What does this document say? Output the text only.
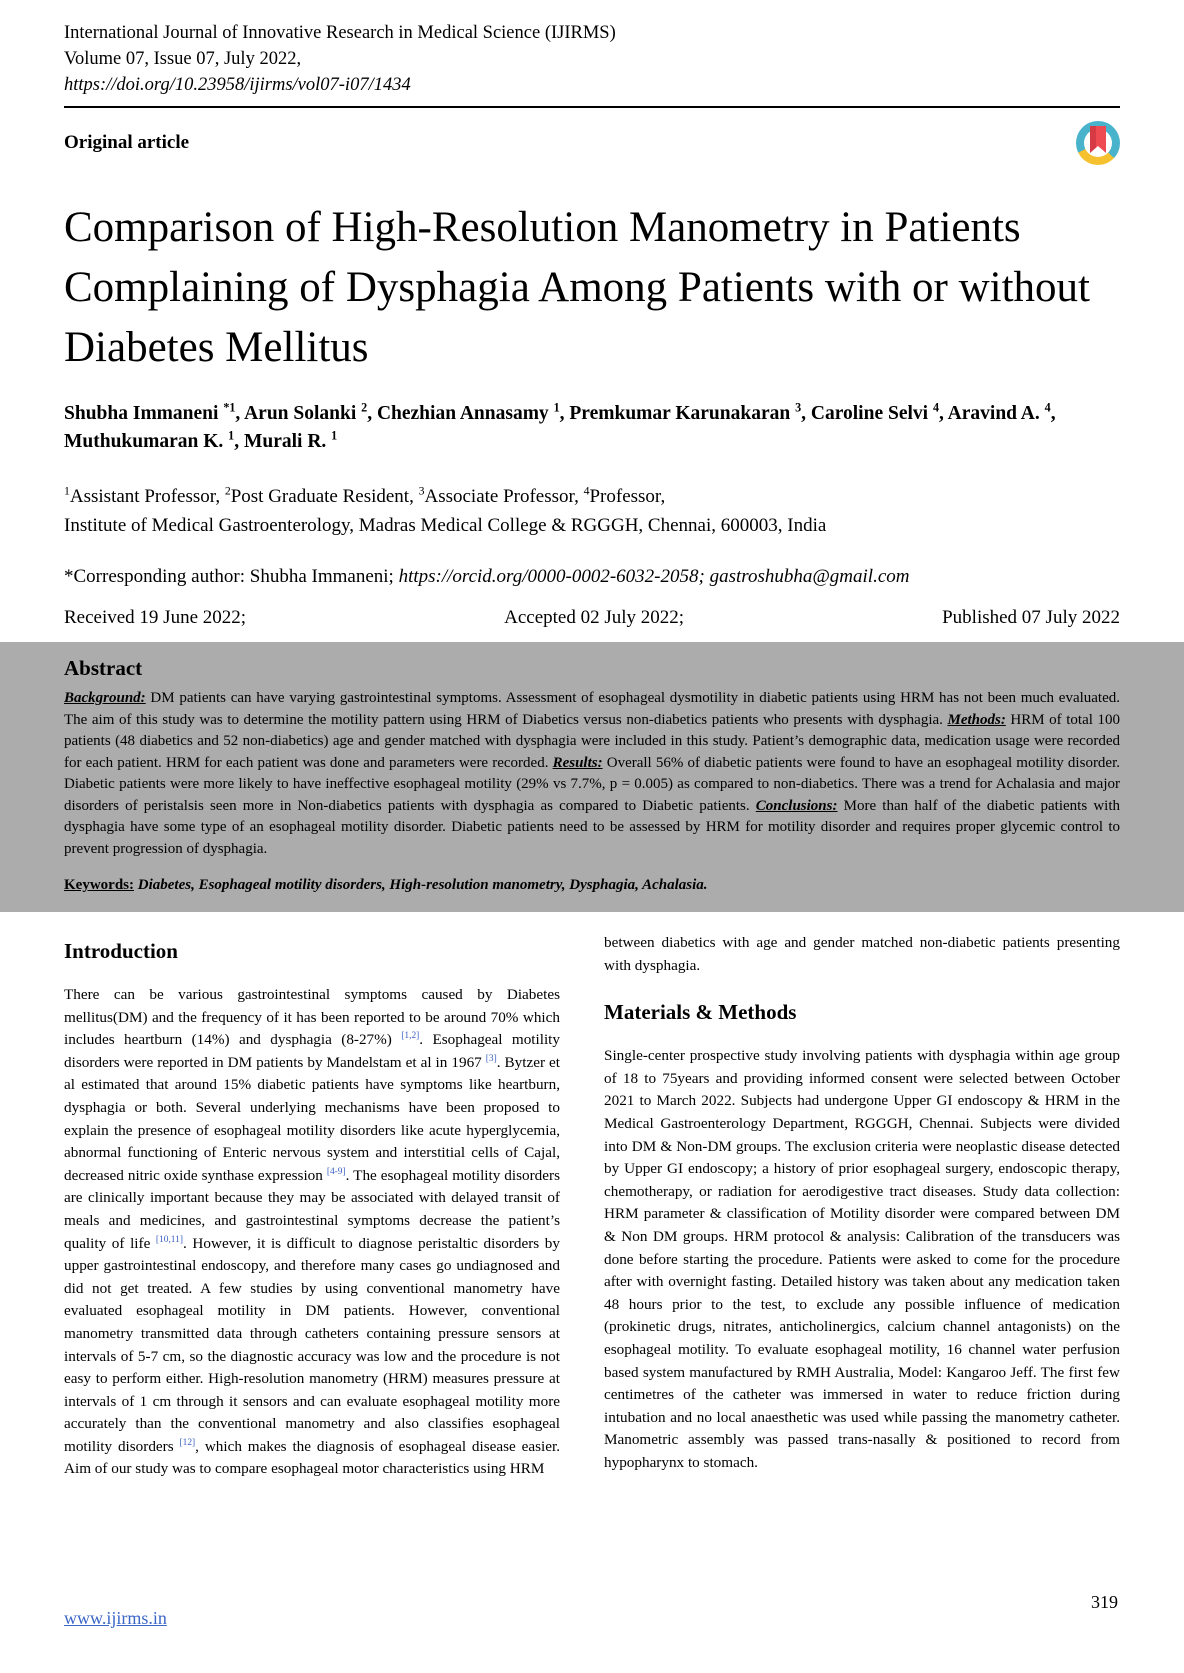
International Journal of Innovative Research in Medical Science (IJIRMS)
Volume 07, Issue 07, July 2022,
https://doi.org/10.23958/ijirms/vol07-i07/1434
Original article
Comparison of High-Resolution Manometry in Patients Complaining of Dysphagia Among Patients with or without Diabetes Mellitus
Shubha Immaneni $^{*1}$, Arun Solanki $^2$, Chezhian Annasamy $^1$, Premkumar Karunakaran $^3$, Caroline Selvi $^4$, Aravind A. $^4$, Muthukumaran K. $^1$, Murali R. $^1$
$^1$Assistant Professor, $^2$Post Graduate Resident, $^3$Associate Professor, $^4$Professor,
Institute of Medical Gastroenterology, Madras Medical College & RGGGH, Chennai, 600003, India
*Corresponding author: Shubha Immaneni; https://orcid.org/0000-0002-6032-2058; gastroshubha@gmail.com
Received 19 June 2022;	Accepted 02 July 2022;	Published 07 July 2022
Abstract
Background: DM patients can have varying gastrointestinal symptoms. Assessment of esophageal dysmotility in diabetic patients using HRM has not been much evaluated. The aim of this study was to determine the motility pattern using HRM of Diabetics versus non-diabetics patients who presents with dysphagia. Methods: HRM of total 100 patients (48 diabetics and 52 non-diabetics) age and gender matched with dysphagia were included in this study. Patient’s demographic data, medication usage were recorded for each patient. HRM for each patient was done and parameters were recorded. Results: Overall 56% of diabetic patients were found to have an esophageal motility disorder. Diabetic patients were more likely to have ineffective esophageal motility (29% vs 7.7%, p = 0.005) as compared to non-diabetics. There was a trend for Achalasia and major disorders of peristalsis seen more in Non-diabetics patients with dysphagia as compared to Diabetic patients. Conclusions: More than half of the diabetic patients with dysphagia have some type of an esophageal motility disorder. Diabetic patients need to be assessed by HRM for motility disorder and requires proper glycemic control to prevent progression of dysphagia.
Keywords: Diabetes, Esophageal motility disorders, High-resolution manometry, Dysphagia, Achalasia.
Introduction

There can be various gastrointestinal symptoms caused by Diabetes mellitus(DM) and the frequency of it has been reported to be around 70% which includes heartburn (14%) and dysphagia (8-27%) [1,2]. Esophageal motility disorders were reported in DM patients by Mandelstam et al in 1967 [3]. Bytzer et al estimated that around 15% diabetic patients have symptoms like heartburn, dysphagia or both. Several underlying mechanisms have been proposed to explain the presence of esophageal motility disorders like acute hyperglycemia, abnormal functioning of Enteric nervous system and interstitial cells of Cajal, decreased nitric oxide synthase expression [4-9]. The esophageal motility disorders are clinically important because they may be associated with delayed transit of meals and medicines, and gastrointestinal symptoms decrease the patient’s quality of life [10,11]. However, it is difficult to diagnose peristaltic disorders by upper gastrointestinal endoscopy, and therefore many cases go undiagnosed and did not get treated. A few studies by using conventional manometry have evaluated esophageal motility in DM patients. However, conventional manometry transmitted data through catheters containing pressure sensors at intervals of 5-7 cm, so the diagnostic accuracy was low and the procedure is not easy to perform either. High-resolution manometry (HRM) measures pressure at intervals of 1 cm through it sensors and can evaluate esophageal motility more accurately than the conventional manometry and also classifies esophageal motility disorders [12], which makes the diagnosis of esophageal disease easier. Aim of our study was to compare esophageal motor characteristics using HRM

between diabetics with age and gender matched non-diabetic patients presenting with dysphagia.

Materials & Methods

Single-center prospective study involving patients with dysphagia within age group of 18 to 75years and providing informed consent were selected between October 2021 to March 2022. Subjects had undergone Upper GI endoscopy & HRM in the Medical Gastroenterology Department, RGGGH, Chennai. Subjects were divided into DM & Non-DM groups. The exclusion criteria were neoplastic disease detected by Upper GI endoscopy; a history of prior esophageal surgery, endoscopic therapy, chemotherapy, or radiation for aerodigestive tract diseases. Study data collection: HRM parameter & classification of Motility disorder were compared between DM & Non DM groups. HRM protocol & analysis: Calibration of the transducers was done before starting the procedure. Patients were asked to come for the procedure after with overnight fasting. Detailed history was taken about any medication taken 48 hours prior to the test, to exclude any possible influence of medication (prokinetic drugs, nitrates, anticholinergics, calcium channel antagonists) on the esophageal motility. To evaluate esophageal motility, 16 channel water perfusion based system manufactured by RMH Australia, Model: Kangaroo Jeff. The first few centimetres of the catheter was immersed in water to reduce friction during intubation and no local anaesthetic was used while passing the manometry catheter. Manometric assembly was passed trans-nasally & positioned to record from hypopharynx to stomach.

www.ijirms.in
319
